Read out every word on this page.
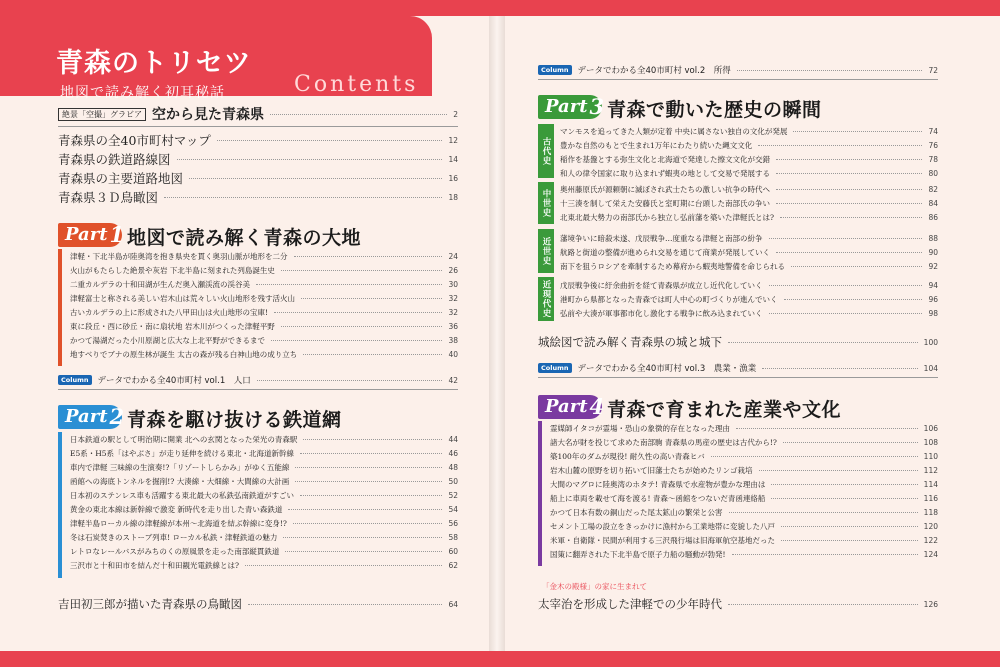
青森のトリセツ
地図で読み解く初耳秘話	Contents
絶景「空撮」グラビア 空から見た青森県	2
青森県の全40市町村マップ	12
青森県の鉄道路線図	14
青森県の主要道路地図	16
青森県３Ｄ鳥瞰図	18
Part 1 地図で読み解く青森の大地
津軽・下北半島が陸奥湾を抱き県央を貫く奥羽山脈が地形を二分	24
火山がもたらした絶景や灰岩 下北半島に刻まれた列島誕生史	26
二重カルデラの十和田湖が生んだ奥入瀬渓流の渓谷美	30
津軽富士と称される美しい岩木山は荒々しい火山地形を残す活火山	32
古いカルデラの上に形成された八甲田山は火山地形の宝庫!	32
東に段丘・西に砂丘・南に扇状地 岩木川がつくった津軽平野	36
かつて湯湖だった小川原湖と広大な上北平野ができるまで	38
地すべりでブナの原生林が誕生 太古の森が残る白神山地の成り立ち	40
Column	データでわかる全40市町村 vol.1　人口	42
Part 2 青森を駆け抜ける鉄道網
日本鉄道の駅として明治期に開業 北への玄関となった栄光の青森駅	44
E5系・H5系「はやぶさ」が走り延伸を続ける東北・北海道新幹線	46
車内で津軽 三味線の生演奏!?「リゾートしらかみ」がゆく五能線	48
函館への海底トンネルを掘削!? 大湊線・大畑線・大間線の大計画	50
日本初のステンレス車も活躍する東北最大の私鉄弘南鉄道がすごい	52
黄金の東北本線は新幹線で激変 新時代を走り出した青い森鉄道	54
津軽半島ローカル線の津軽線が本州～北海道を結ぶ幹線に変身!?	56
冬は石炭焚きのストーブ列車! ローカル私鉄・津軽鉄道の魅力	58
レトロなレールバスがみちのくの原風景を走った南部縦貫鉄道	60
三沢市と十和田市を結んだ十和田観光電鉄線とは?	62
吉田初三郎が描いた青森県の鳥瞰図	64
Column	データでわかる全40市町村 vol.2　所得	72
Part 3 青森で動いた歴史の瞬間
古代史
中世史
近世史
近現代史
マンモスを追ってきた人類が定着 中央に属さない独自の文化が発展	74
豊かな自然のもとで生まれ1万年にわたり続いた縄文文化	76
稲作を基盤とする弥生文化と北海道で発達した擦文文化が交錯	78
和人の律令国家に取り込まれず蝦夷の地として交易で発展する	80
奥州藤原氏が源頼朝に滅ぼされ武士たちの激しい抗争の時代へ	82
十三湊を制して栄えた安藤氏と室町期に台頭した南部氏の争い	84
北東北最大勢力の南部氏から独立し弘前藩を築いた津軽氏とは?	86
藩境争いに暗殺未遂、戊辰戦争…度重なる津軽と南部の紛争	88
航路と街道の整備が進められ交易を通じて商業が発展していく	90
南下を狙うロシアを牽制するため幕府から蝦夷地警備を命じられる	92
戊辰戦争後に紆余曲折を経て青森県が成立し近代化していく	94
港町から県都となった青森では町人中心の町づくりが進んでいく	96
弘前や大湊が軍事都市化し激化する戦争に飲み込まれていく	98
城絵図で読み解く青森県の城と城下	100
Column	データでわかる全40市町村 vol.3　農業・漁業	104
Part 4 青森で育まれた産業や文化
霊媒師イタコが霊場・恐山の象徴的存在となった理由	106
諸大名が財を投じて求めた南部駒 青森県の馬産の歴史は古代から!?	108
築100年のダムが現役! 耐久性の高い青森ヒバ	110
岩木山麓の原野を切り拓いて旧藩士たちが始めたリンゴ栽培	112
大間のマグロに陸奥湾のホタテ! 青森県で水産物が豊かな理由は	114
船上に車両を載せて海を渡る! 青森～函館をつないだ青函連絡船	116
かつて日本有数の銅山だった尾太鉱山の繁栄と公害	118
セメント工場の設立をきっかけに漁村から工業地帯に変貌した八戸	120
米軍・自衛隊・民間が利用する三沢飛行場は旧海軍航空基地だった	122
国策に翻弄された下北半島で原子力船の騒動が勃発!	124
「金木の殿様」の家に生まれて
太宰治を形成した津軽での少年時代	126
